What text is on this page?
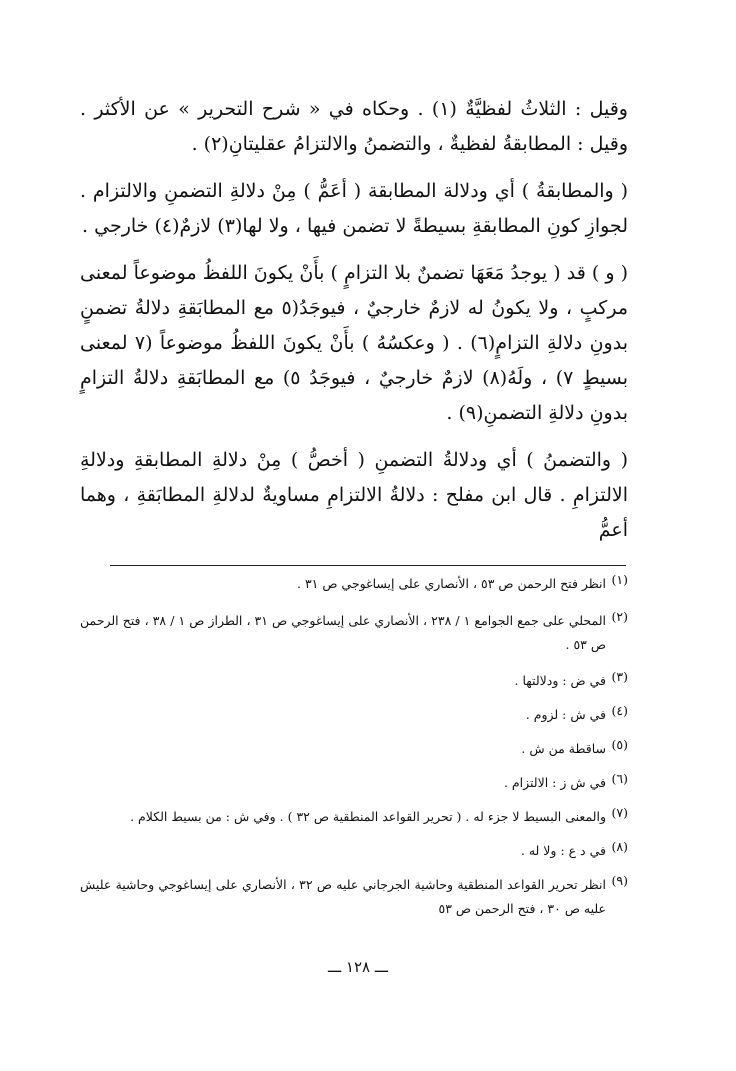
وقيل : الثلاثُ لفظيَّةٌ (١) . وحكاه في « شرح التحرير » عن الأكثر . وقيل : المطابقةُ لفظيةٌ ، والتضمنُ والالتزامُ عقليتانِ(٢) .

( والمطابقةُ ) أي ودلالة المطابقة ( أعَمُّ ) مِنْ دلالةِ التضمنِ والالتزام . لجوازِ كونِ المطابقةِ بسيطةً لا تضمن فيها ، ولا لها(٣) لازمٌ(٤) خارجي .

( و ) قد ( يوجدُ مَعَهَا تضمنٌ بلا التزامٍ ) بأَنْ يكونَ اللفظُ موضوعاً لمعنى مركبٍ ، ولا يكونُ له لازمٌ خارجيٌ ، فيوجَدُ(٥ مع المطابَقةِ دلالةُ تضمنٍ بدونِ دلالةِ التزامٍ(٦) . ( وعكسُهُ ) بأَنْ يكونَ اللفظُ موضوعاً (٧ لمعنى بسيطٍ ٧) ، ولَهُ(٨) لازمٌ خارجيٌ ، فيوجَدُ ٥) مع المطابَقةِ دلالةُ التزامٍ بدونِ دلالةِ التضمنِ(٩) .

( والتضمنُ ) أي ودلالةُ التضمنِ ( أخصُّ ) مِنْ دلالةِ المطابقةِ ودلالةِ الالتزامِ . قال ابن مفلح : دلالةُ الالتزامِ مساويةٌ لدلالةِ المطابَقةِ ، وهما أعمُّ

(١)
انظر فتح الرحمن ص ٥٣ ، الأنصاري على إيساغوجي ص ٣١ .
(٢)
المحلي على جمع الجوامع ١ / ٢٣٨ ، الأنصاري على إيساغوجي ص ٣١ ، الطراز ص ١ / ٣٨ ، فتح الرحمن ص ٥٣ .
(٣)
في ض : ودلالتها .
(٤)
في ش : لزوم .
(٥)
ساقطة من ش .
(٦)
في ش ز : الالتزام .
(٧)
والمعنى البسيط لا جزء له . ( تحرير القواعد المنطقية ص ٣٢ ) . وفي ش : من بسيط الكلام .
(٨)
في د ع : ولا له .
(٩)
انظر تحرير القواعد المنطقية وحاشية الجرجاني عليه ص ٣٢ ، الأنصاري على إيساغوجي وحاشية عليش عليه ص ٣٠ ، فتح الرحمن ص ٥٣
ـــ ١٢٨ ـــ
